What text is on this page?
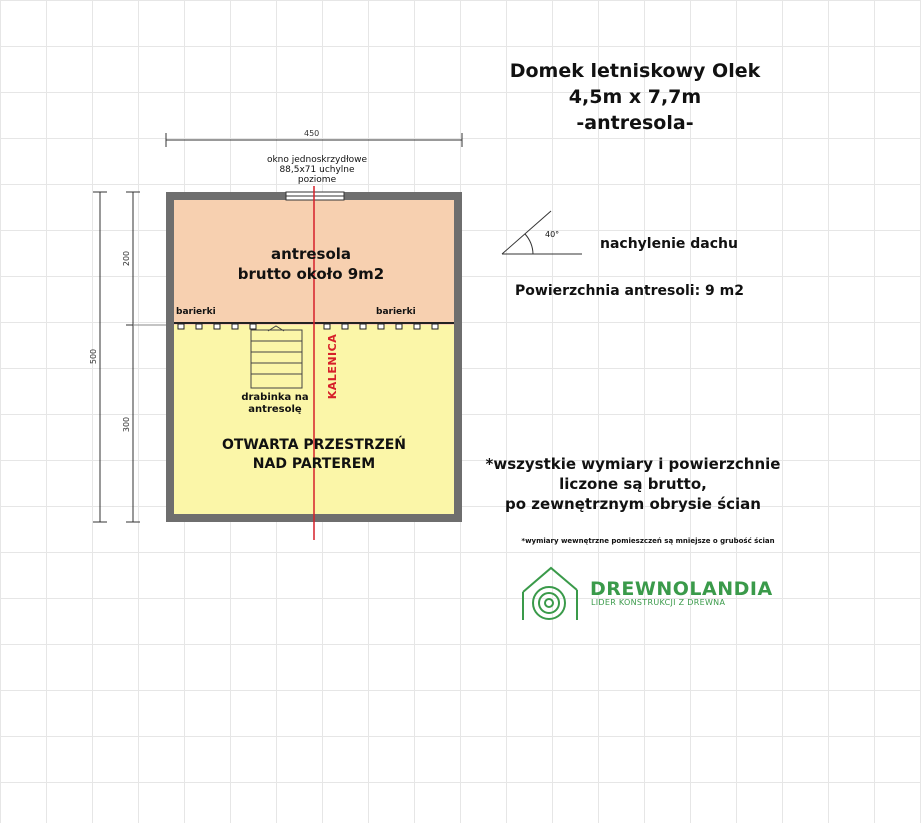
Domek letniskowy Olek
4,5m x 7,7m
-antresola-
450
500
200
300
okno jednoskrzydłowe
88,5x71 uchylne
poziome
antresola
brutto około 9m2
barierki	barierki
drabinka na
antresolę
KALENICA
OTWARTA PRZESTRZEŃ
NAD PARTEREM
40°
nachylenie dachu
Powierzchnia antresoli: 9 m2
*wszystkie wymiary i powierzchnie
liczone są brutto,
po zewnętrznym obrysie ścian
*wymiary wewnętrzne pomieszczeń są mniejsze o grubość ścian
DREWNOLANDIA
LIDER KONSTRUKCJI Z DREWNA
